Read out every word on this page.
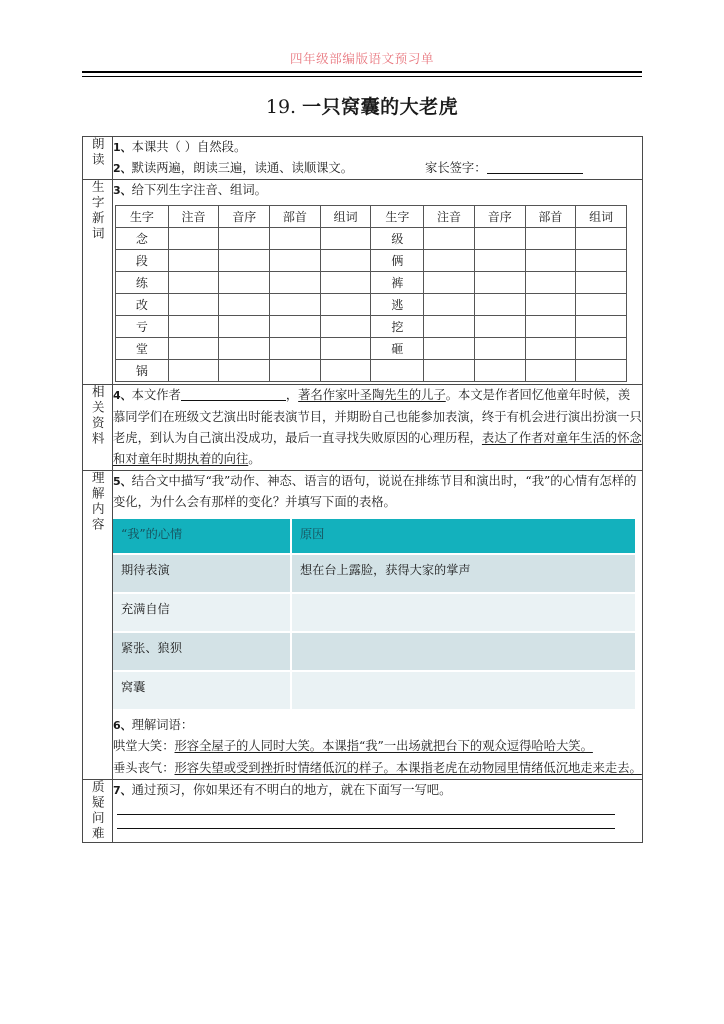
四年级部编版语文预习单
19. 一只窝囊的大老虎
朗读	1、本课共（ ）自然段。
2、默读两遍，朗读三遍，读通、读顺课文。	家长签字：

生字新词	3、给下列生字注音、组词。
生字	注音	音序	部首	组词	生字	注音	音序	部首	组词
念					级				
段					俩				
练					裤				
改					逃				
亏					挖				
堂					砸				
锅									

相关资料	4、本文作者	，著名作家叶圣陶先生的儿子。本文是作者回忆他童年时候，羡慕同学们在班级文艺演出时能表演节目，并期盼自己也能参加表演，终于有机会进行演出扮演一只老虎，到认为自己演出没成功，最后一直寻找失败原因的心理历程，表达了作者对童年生活的怀念和对童年时期执着的向往。

理解内容	5、结合文中描写“我”动作、神态、语言的语句，说说在排练节目和演出时，“我”的心情有怎样的变化，为什么会有那样的变化？并填写下面的表格。
“我”的心情	原因
期待表演	想在台上露脸，获得大家的掌声
充满自信	
紧张、狼狈	
窝囊	
6、理解词语：
哄堂大笑：形容全屋子的人同时大笑。本课指“我”一出场就把台下的观众逗得哈哈大笑。
垂头丧气：形容失望或受到挫折时情绪低沉的样子。本课指老虎在动物园里情绪低沉地走来走去。

质疑问难	7、通过预习，你如果还有不明白的地方，就在下面写一写吧。
